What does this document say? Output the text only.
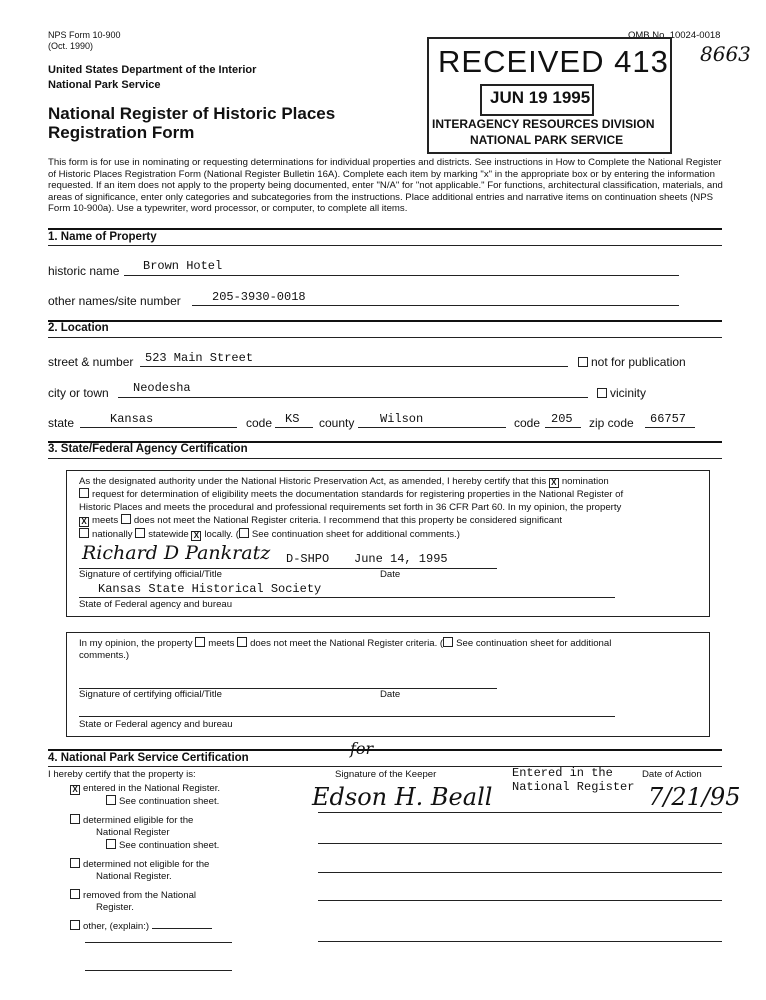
NPS Form 10-900
(Oct. 1990)
OMB No. 10024-0018
8663
United States Department of the Interior
National Park Service
National Register of Historic Places
Registration Form
RECEIVED 413
JUN 19 1995
INTERAGENCY RESOURCES DIVISION
NATIONAL PARK SERVICE
This form is for use in nominating or requesting determinations for individual properties and districts. See instructions in How to Complete the National Register of Historic Places Registration Form (National Register Bulletin 16A). Complete each item by marking "x" in the appropriate box or by entering the information requested. If an item does not apply to the property being documented, enter "N/A" for "not applicable." For functions, architectural classification, materials, and areas of significance, enter only categories and subcategories from the instructions. Place additional entries and narrative items on continuation sheets (NPS Form 10-900a). Use a typewriter, word processor, or computer, to complete all items.
1. Name of Property
historic name Brown Hotel
other names/site number	205-3930-0018
2. Location
street & number 523 Main Street	not for publication
city or town Neodesha	vicinity
state	Kansas	code KS county Wilson	code 205 zip code 66757
3. State/Federal Agency Certification
As the designated authority under the National Historic Preservation Act, as amended, I hereby certify that this X nomination
request for determination of eligibility meets the documentation standards for registering properties in the National Register of
Historic Places and meets the procedural and professional requirements set forth in 36 CFR Part 60. In my opinion, the property
X meets does not meet the National Register criteria. I recommend that this property be considered significant
nationally statewide X locally. ( See continuation sheet for additional comments.)
Richard D Pankratz D-SHPO June 14, 1995
Signature of certifying official/Title	Date
Kansas State Historical Society
State of Federal agency and bureau
In my opinion, the property meets does not meet the National Register criteria. ( See continuation sheet for additional
comments.)
Signature of certifying official/Title	Date
State or Federal agency and bureau
4. National Park Service Certification
I hereby certify that the property is:
X entered in the National Register.
See continuation sheet.
determined eligible for the
National Register
See continuation sheet.
determined not eligible for the
National Register.
removed from the National
Register.
other, (explain:)
for
Signature of the Keeper	Date of Action
Edson H. Beall
Entered in the
National Register 7/21/95
